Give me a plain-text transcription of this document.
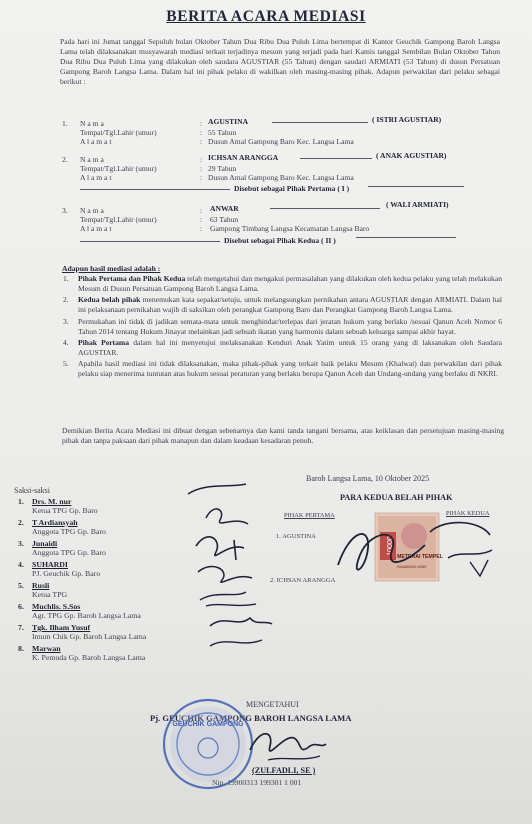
BERITA ACARA MEDIASI
Pada hari ini Jumat tanggal Sepuluh bulan Oktober Tahun Dua Ribu Dua Puluh Lima bertempat di Kantor Geuchik Gampong Baroh Langsa Lama telah dilaksanakan musyawarah mediasi terkait terjadinya mesum yang terjadi pada hari Kamis tanggal Sembilan Bulan Oktober Tahun Dua Ribu Dua Puluh Lima yang dilakukan oleh saudara AGUSTIAR (55 Tahun) dengan saudari ARMIATI (53 Tahun) di dusun Persatuan Gampong Baroh Langsa Lama. Dalam hal ini pihak pelaku di wakilkan oleh masing-masing pihak. Adapun perwakilan dari pelaku sebagai berikut :
1. N a m a	: AGUSTINA	( ISTRI AGUSTIAR)
Tempat/Tgl.Lahir (umur)	: 55 Tahun
A l a m a t	: Dusun Amal Gampong Baro Kec. Langsa Lama
2. N a m a	: ICHSAN ARANGGA	( ANAK AGUSTIAR)
Tempat/Tgl.Lahir (umur)	: 29 Tahun
A l a m a t	: Dusun Amal Gampong Baro Kec. Langsa Lama
Disebut sebagai Pihak Pertama ( I )
3. N a m a	: ANWAR	( WALI ARMIATI)
Tempat/Tgl.Lahir (umur)	: 63 Tahun
A l a m a t	: Gampong Timbang Langsa Kecamatan Langsa Baro
Disebut sebagai Pihak Kedua ( II )
Adapun hasil mediasi adalah :
1. Pihak Pertama dan Pihak Kedua telah mengetahui dan mengakui permasalahan yang dilakukan oleh kedua pelaku yang telah melakukan Mesum di Dusun Persatuan Gampong Baroh Langsa Lama.
2. Kedua belah pihak menemukan kata sepakat/setuju, untuk melangsungkan pernikahan antara AGUSTIAR dengan ARMIATI. Dalam hal ini pelaksanaan pernikahan wajib di saksikan oleh perangkat Gampong Baro dan Perangkat Gampong Baroh Langsa Lama.
3. Permukahan ini tidak di jadikan semata-mata untuk menghindar/terlepas dari jeratan hukum yang berlaku /sesuai Qanun Aceh Nomor 6 Tahun 2014 tentang Hukum Jinayat melainkan jadi sebuah ikatan yang harmonis dalam sebuah keluarga sampai akhir hayat.
4. Pihak Pertama dalam hal ini menyetujui melaksanakan Kenduri Anak Yatim untuk 15 orang yang di laksanakan oleh Saudara AGUSTIAR.
5. Apabila hasil mediasi ini tidak dilaksanakan, maka pihak-pihak yang terkait baik pelaku Mesum (Khalwat) dan perwakilan dari pihak pelaku siap menerima tuntutan atas hukum sesuai peraturan yang berlaku berupa Qanun Aceh dan Undang-undang yang berlaku di NKRI.
Demikian Berita Acara Mediasi ini dibuat dengan sebenarnya dan kami tanda tangani bersama, atas keiklasan dan persetujuan masing-masing pihak dan tanpa paksaan dari pihak manapun dan dalam keadaan kesadaran penuh.
Baroh Langsa Lama, 10 Oktober 2025
Saksi-saksi
1.	Drs. M. nur
Ketua TPG Gp. Baro
2.	T Ardiansyah
Anggota TPG Gp. Baro
3.	Junaidi
Anggota TPG Gp. Baro
4.	SUHARDI
PJ. Geuchik Gp. Baro
5.	Rusli
Ketua TPG
6.	Muchlis. S.Sos
Agt. TPG Gp. Baroh Langsa Lama
7.	Tgk. Ilham Yusuf
Imum Chik Gp. Baroh Langsa Lama
8.	Marwan
K. Pemuda Gp. Baroh Langsa Lama
PARA KEDUA BELAH PIHAK
PIHAK PERTAMA	PIHAK KEDUA
1. AGUSTINA
2. ICHSAN ARANGGA
10000
METERAI TEMPEL
FAAANX400 10087
MENGETAHUI
Pj. GEUCHIK GAMPONG BAROH LANGSA LAMA
(ZULFADLI, SE )
Nip. 19900313 199301 1 001
GEUCHIK GAMPONG
